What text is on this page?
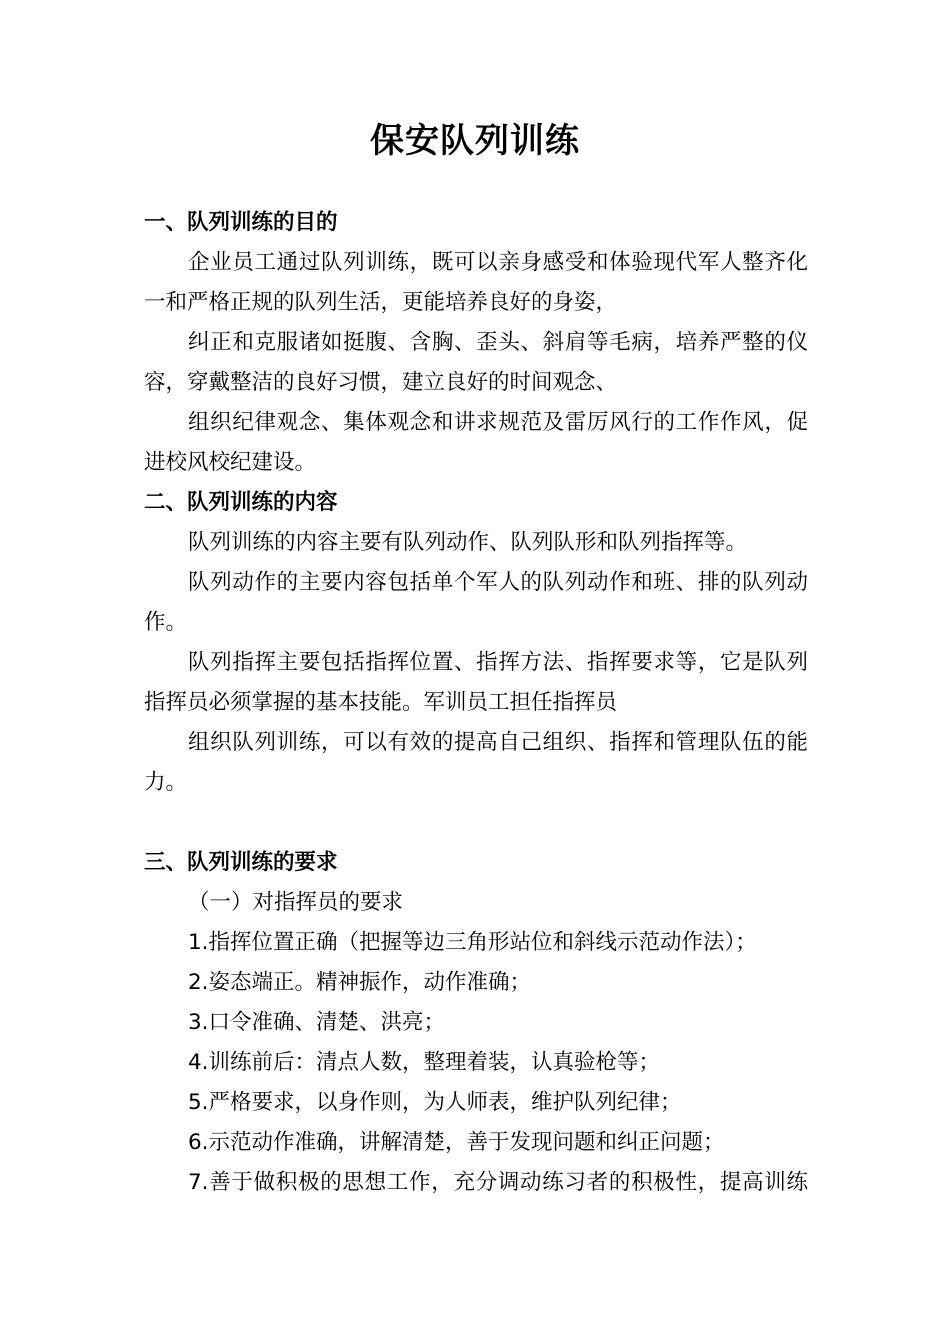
保安队列训练
一、队列训练的目的
企业员工通过队列训练，既可以亲身感受和体验现代军人整齐化
一和严格正规的队列生活，更能培养良好的身姿，
纠正和克服诸如挺腹、含胸、歪头、斜肩等毛病，培养严整的仪
容，穿戴整洁的良好习惯，建立良好的时间观念、
组织纪律观念、集体观念和讲求规范及雷厉风行的工作作风，促
进校风校纪建设。
二、队列训练的内容
队列训练的内容主要有队列动作、队列队形和队列指挥等。
队列动作的主要内容包括单个军人的队列动作和班、排的队列动
作。
队列指挥主要包括指挥位置、指挥方法、指挥要求等，它是队列
指挥员必须掌握的基本技能。军训员工担任指挥员
组织队列训练，可以有效的提高自己组织、指挥和管理队伍的能
力。
三、队列训练的要求
（一）对指挥员的要求
1.指挥位置正确（把握等边三角形站位和斜线示范动作法）；
2.姿态端正。精神振作，动作准确；
3.口令准确、清楚、洪亮；
4.训练前后：清点人数，整理着装，认真验枪等；
5.严格要求，以身作则，为人师表，维护队列纪律；
6.示范动作准确，讲解清楚，善于发现问题和纠正问题；
7.善于做积极的思想工作，充分调动练习者的积极性，提高训练
